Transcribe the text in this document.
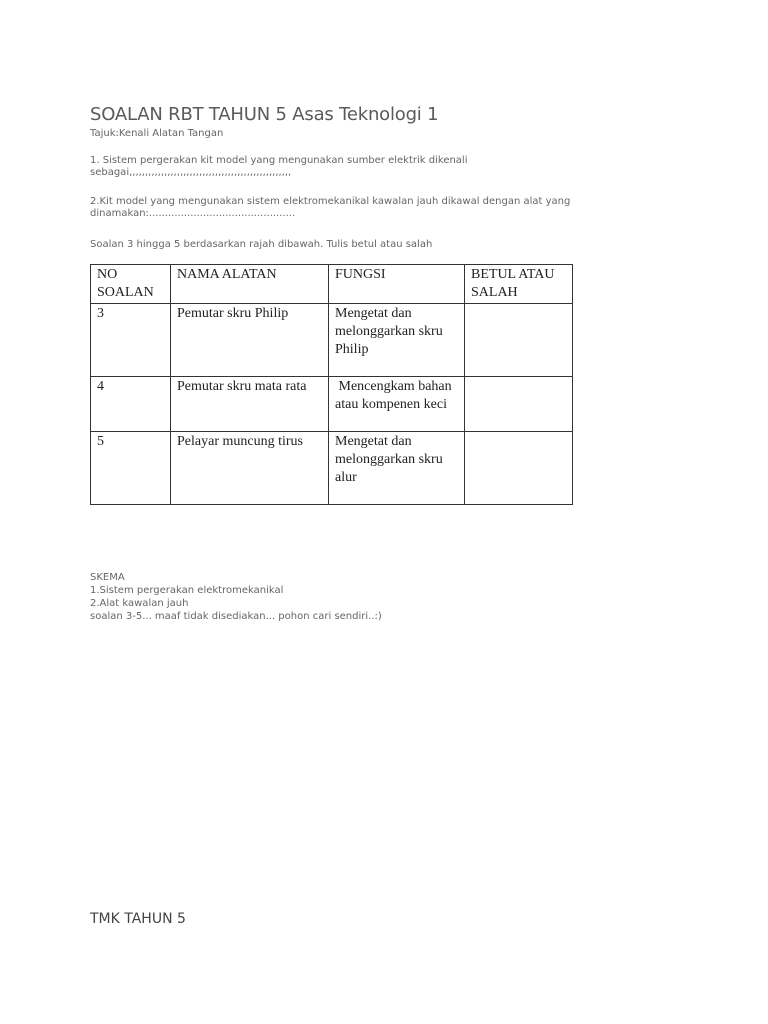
SOALAN RBT TAHUN 5 Asas Teknologi 1
Tajuk:Kenali Alatan Tangan

1. Sistem pergerakan kit model yang mengunakan sumber elektrik dikenali

sebagai,,,,,,,,,,,,,,,,,,,,,,,,,,,,,,,,,,,,,,,,,,,,,,,,,,,

2.Kit model yang mengunakan sistem elektromekanikal kawalan jauh dikawal dengan alat yang

dinamakan:..............................................

Soalan 3 hingga 5 berdasarkan rajah dibawah. Tulis betul atau salah
NO SOALAN	NAMA ALATAN	FUNGSI	BETUL ATAU SALAH
3	Pemutar skru Philip	Mengetat dan melonggarkan skru Philip	
4	Pemutar skru mata rata	Mencengkam bahan atau kompenen keci	
5	Pelayar muncung tirus	Mengetat dan melonggarkan skru alur	
SKEMA
1.Sistem pergerakan elektromekanikal
2.Alat kawalan jauh
soalan 3-5... maaf tidak disediakan... pohon cari sendiri..:)
TMK TAHUN 5
